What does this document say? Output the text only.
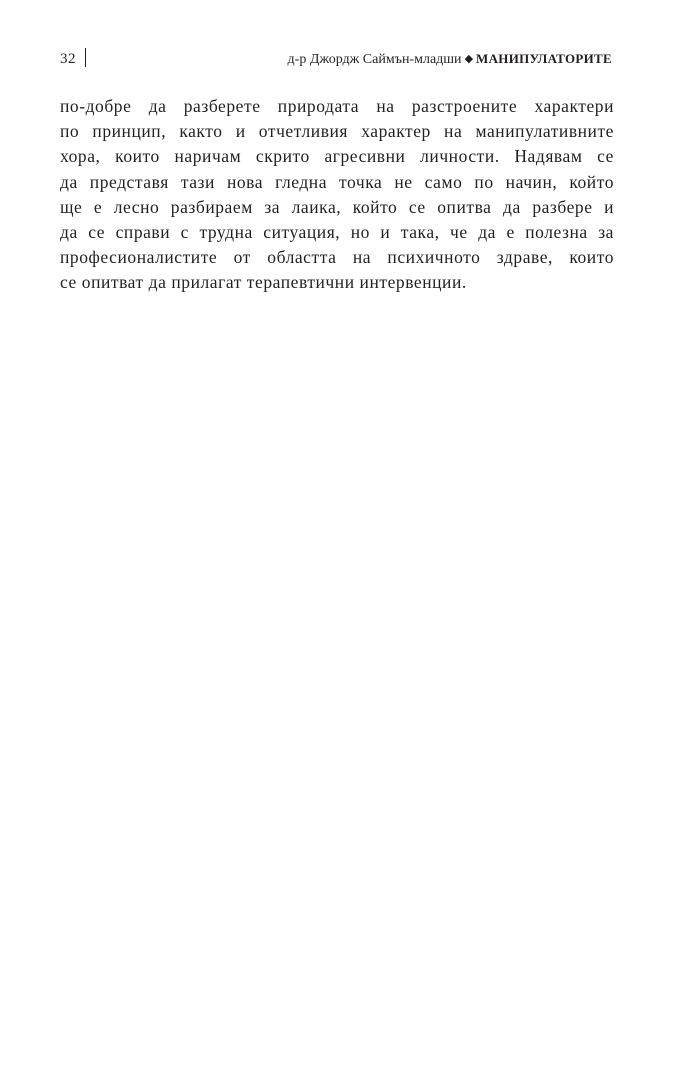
32	д-р Джордж Саймън-младши ◆ МАНИПУЛАТОРИТЕ

по-добре да разберете природата на разстроените характери
по принцип, както и отчетливия характер на манипулативните
хора, които наричам скрито агресивни личности. Надявам се
да представя тази нова гледна точка не само по начин, който
ще е лесно разбираем за лаика, който се опитва да разбере и
да се справи с трудна ситуация, но и така, че да е полезна за
професионалистите от областта на психичното здраве, които
се опитват да прилагат терапевтични интервенции.
